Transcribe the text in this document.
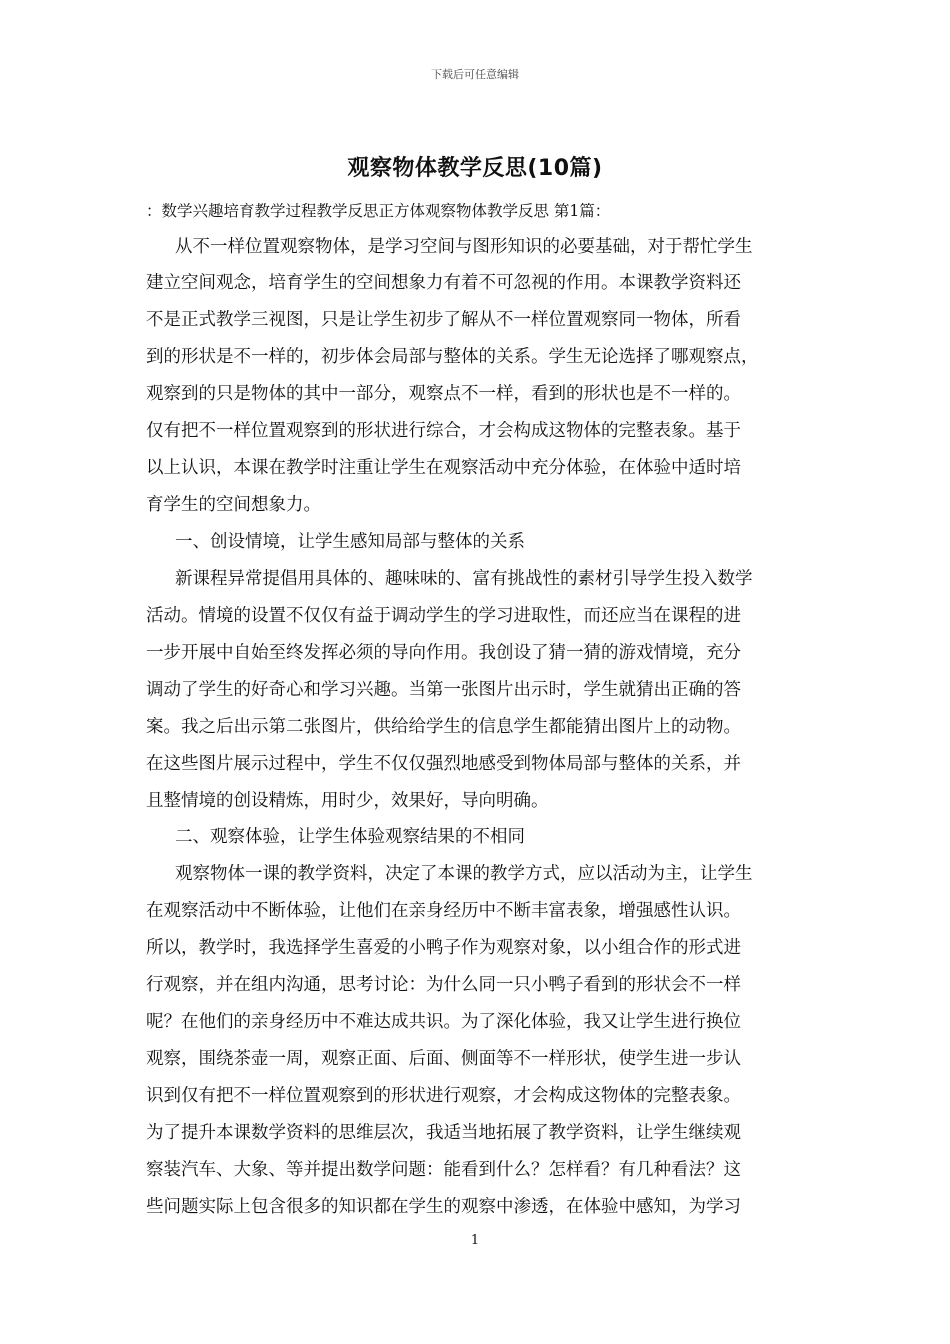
下载后可任意编辑
观察物体教学反思(10篇)
：数学兴趣培育教学过程教学反思正方体观察物体教学反思 第1篇：
从不一样位置观察物体，是学习空间与图形知识的必要基础，对于帮忙学生
建立空间观念，培育学生的空间想象力有着不可忽视的作用。本课教学资料还
不是正式教学三视图，只是让学生初步了解从不一样位置观察同一物体，所看
到的形状是不一样的，初步体会局部与整体的关系。学生无论选择了哪观察点，
观察到的只是物体的其中一部分，观察点不一样，看到的形状也是不一样的。
仅有把不一样位置观察到的形状进行综合，才会构成这物体的完整表象。基于
以上认识，本课在教学时注重让学生在观察活动中充分体验，在体验中适时培
育学生的空间想象力。
一、创设情境，让学生感知局部与整体的关系
新课程异常提倡用具体的、趣味味的、富有挑战性的素材引导学生投入数学
活动。情境的设置不仅仅有益于调动学生的学习进取性，而还应当在课程的进
一步开展中自始至终发挥必须的导向作用。我创设了猜一猜的游戏情境，充分
调动了学生的好奇心和学习兴趣。当第一张图片出示时，学生就猜出正确的答
案。我之后出示第二张图片，供给给学生的信息学生都能猜出图片上的动物。
在这些图片展示过程中，学生不仅仅强烈地感受到物体局部与整体的关系，并
且整情境的创设精炼，用时少，效果好，导向明确。
二、观察体验，让学生体验观察结果的不相同
观察物体一课的教学资料，决定了本课的教学方式，应以活动为主，让学生
在观察活动中不断体验，让他们在亲身经历中不断丰富表象，增强感性认识。
所以，教学时，我选择学生喜爱的小鸭子作为观察对象，以小组合作的形式进
行观察，并在组内沟通，思考讨论：为什么同一只小鸭子看到的形状会不一样
呢？在他们的亲身经历中不难达成共识。为了深化体验，我又让学生进行换位
观察，围绕茶壶一周，观察正面、后面、侧面等不一样形状，使学生进一步认
识到仅有把不一样位置观察到的形状进行观察，才会构成这物体的完整表象。
为了提升本课数学资料的思维层次，我适当地拓展了教学资料，让学生继续观
察装汽车、大象、等并提出数学问题：能看到什么？怎样看？有几种看法？这
些问题实际上包含很多的知识都在学生的观察中渗透，在体验中感知，为学习
1
